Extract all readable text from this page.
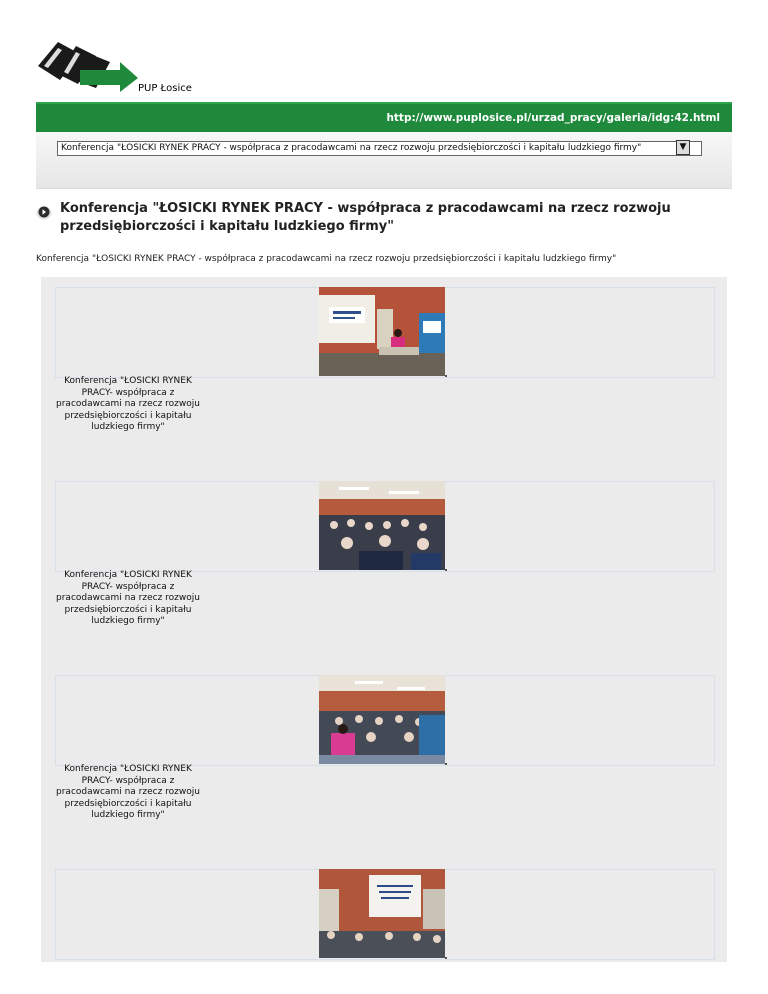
PUP Łosice
http://www.puplosice.pl/urzad_pracy/galeria/idg:42.html
Konferencja "ŁOSICKI RYNEK PRACY - współpraca z pracodawcami na rzecz rozwoju przedsiębiorczości i kapitału ludzkiego firmy"	▼
Konferencja "ŁOSICKI RYNEK PRACY - współpraca z pracodawcami na rzecz rozwoju przedsiębiorczości i kapitału ludzkiego firmy"
Konferencja "ŁOSICKI RYNEK PRACY - współpraca z pracodawcami na rzecz rozwoju przedsiębiorczości i kapitału ludzkiego firmy"
Konferencja "ŁOSICKI RYNEK PRACY- współpraca z pracodawcami na rzecz rozwoju przedsiębiorczości i kapitału ludzkiego firmy"
Konferencja "ŁOSICKI RYNEK PRACY- współpraca z pracodawcami na rzecz rozwoju przedsiębiorczości i kapitału ludzkiego firmy"
Konferencja "ŁOSICKI RYNEK PRACY- współpraca z pracodawcami na rzecz rozwoju przedsiębiorczości i kapitału ludzkiego firmy"
